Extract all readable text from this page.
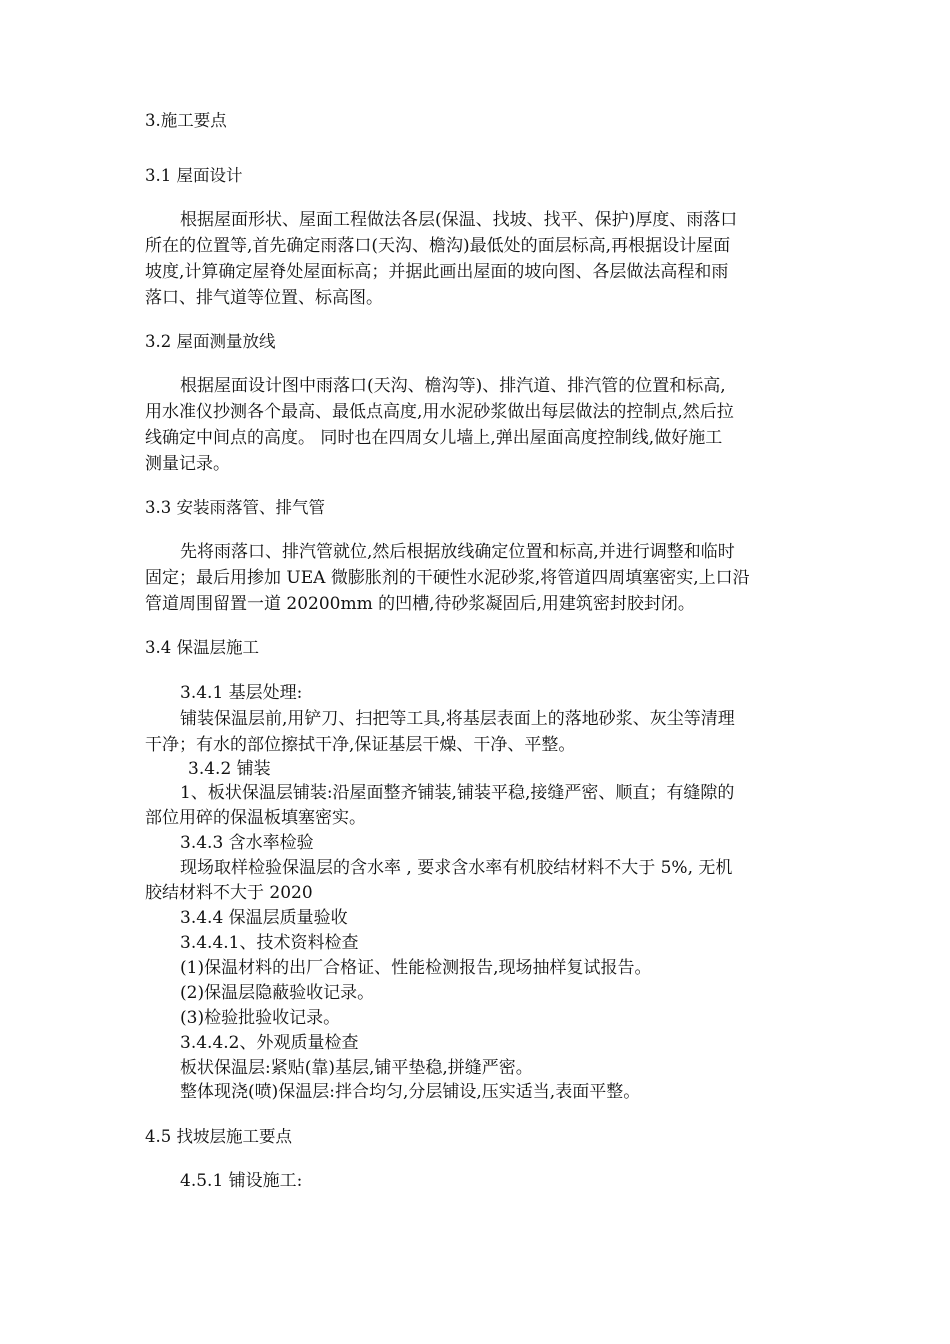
3.施工要点

3.1 屋面设计

根据屋面形状、屋面工程做法各层(保温、找坡、找平、保护)厚度、雨落口

所在的位置等,首先确定雨落口(天沟、檐沟)最低处的面层标高,再根据设计屋面

坡度,计算确定屋脊处屋面标高；并据此画出屋面的坡向图、各层做法高程和雨

落口、排气道等位置、标高图。

3.2 屋面测量放线

根据屋面设计图中雨落口(天沟、檐沟等)、排汽道、排汽管的位置和标高,

用水准仪抄测各个最高、最低点高度,用水泥砂浆做出每层做法的控制点,然后拉

线确定中间点的高度。 同时也在四周女儿墙上,弹出屋面高度控制线,做好施工

测量记录。

3.3 安装雨落管、排气管

先将雨落口、排汽管就位,然后根据放线确定位置和标高,并进行调整和临时

固定；最后用掺加 UEA 微膨胀剂的干硬性水泥砂浆,将管道四周填塞密实,上口沿

管道周围留置一道 20200mm 的凹槽,待砂浆凝固后,用建筑密封胶封闭。

3.4 保温层施工

3.4.1 基层处理:

铺装保温层前,用铲刀、扫把等工具,将基层表面上的落地砂浆、灰尘等清理

干净；有水的部位擦拭干净,保证基层干燥、干净、平整。

3.4.2 铺装

1、板状保温层铺装:沿屋面整齐铺装,铺装平稳,接缝严密、顺直；有缝隙的

部位用碎的保温板填塞密实。

3.4.3 含水率检验

现场取样检验保温层的含水率 , 要求含水率有机胶结材料不大于 5%, 无机

胶结材料不大于 2020

3.4.4 保温层质量验收

3.4.4.1、技术资料检查

(1)保温材料的出厂合格证、性能检测报告,现场抽样复试报告。

(2)保温层隐蔽验收记录。

(3)检验批验收记录。

3.4.4.2、外观质量检查

板状保温层:紧贴(靠)基层,铺平垫稳,拼缝严密。

整体现浇(喷)保温层:拌合均匀,分层铺设,压实适当,表面平整。

4.5 找坡层施工要点

4.5.1 铺设施工:
